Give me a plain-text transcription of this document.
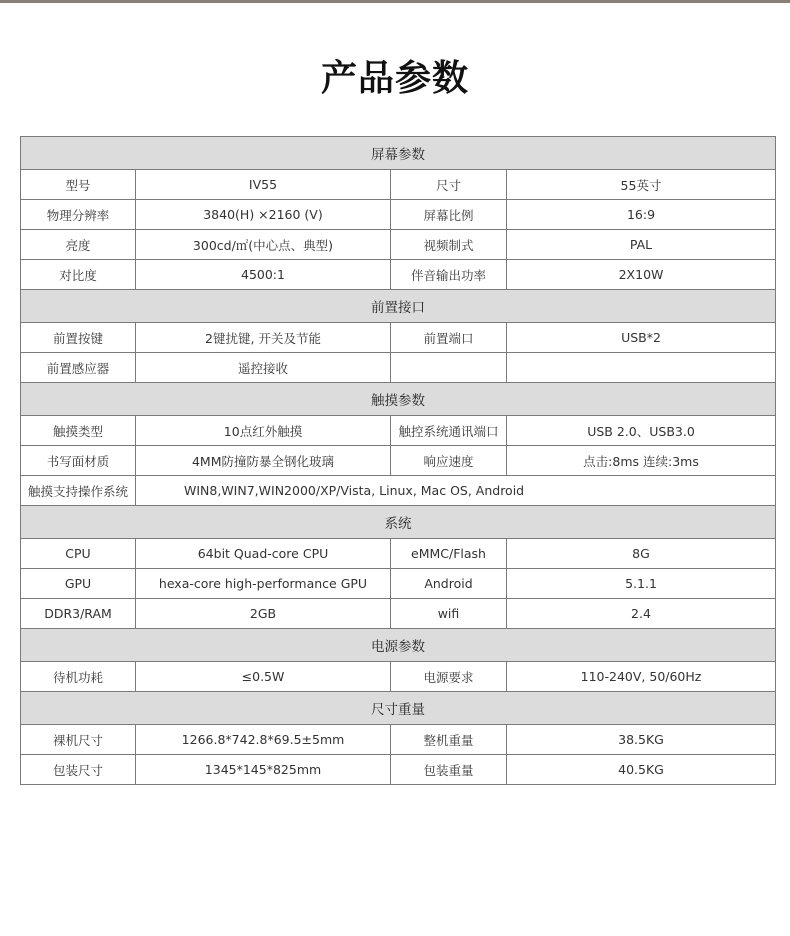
产品参数
屏幕参数			
型号	IV55	尺寸	55英寸
物理分辨率	3840(H) ×2160 (V)	屏幕比例	16:9
亮度	300cd/㎡(中心点、典型)	视频制式	PAL
对比度	4500:1	伴音输出功率	2X10W
前置接口			
前置按键	2键扰键, 开关及节能	前置端口	USB*2
前置感应器	遥控接收		
触摸参数			
触摸类型	10点红外触摸	触控系统通讯端口	USB 2.0、USB3.0
书写面材质	4MM防撞防暴全钢化玻璃	响应速度	点击:8ms 连续:3ms
触摸支持操作系统	WIN8,WIN7,WIN2000/XP/Vista, Linux, Mac OS, Android		
系统			
CPU	64bit Quad-core CPU	eMMC/Flash	8G
GPU	hexa-core high-performance GPU	Android	5.1.1
DDR3/RAM	2GB	wifi	2.4
电源参数			
待机功耗	≤0.5W	电源要求	110-240V, 50/60Hz
尺寸重量			
裸机尺寸	1266.8*742.8*69.5±5mm	整机重量	38.5KG
包装尺寸	1345*145*825mm	包装重量	40.5KG
